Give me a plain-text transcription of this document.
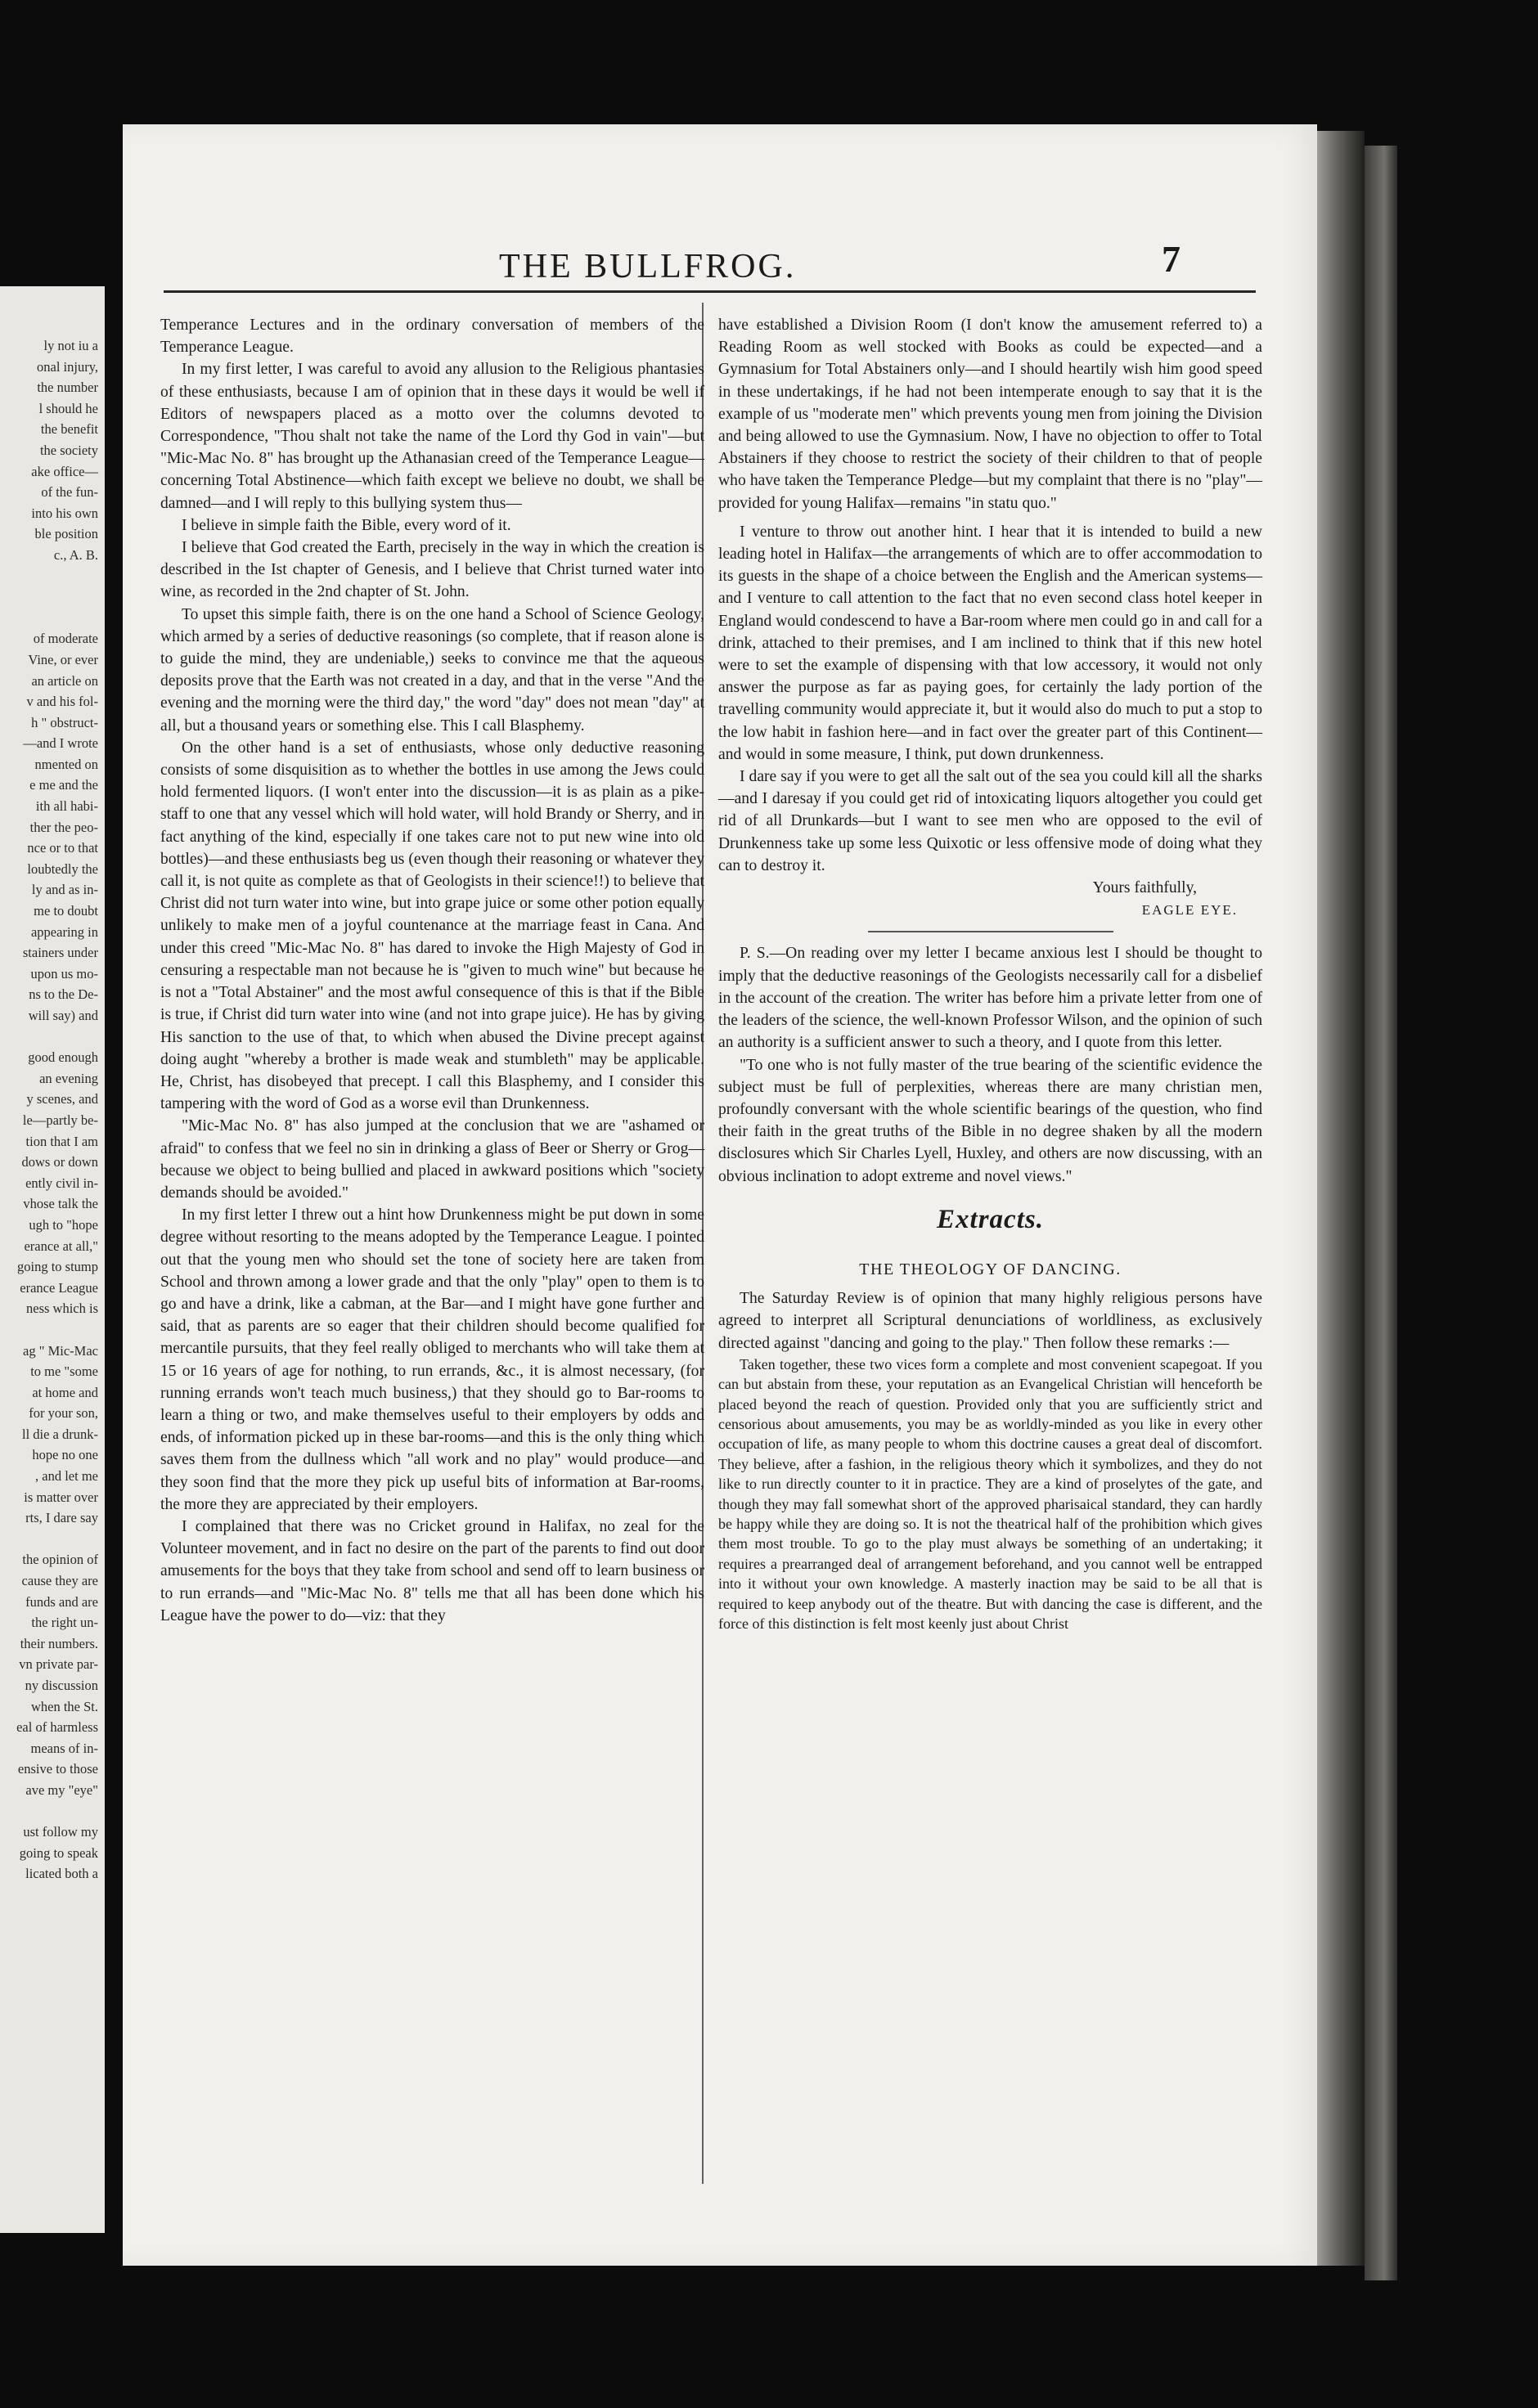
ly not iu a
onal injury,
the number
l should he
the benefit
the society
ake office—
of the fun-
into his own
ble position
c., A. B.

of moderate
Vine, or ever
an article on
v and his fol-
h " obstruct-
—and I wrote
nmented on
e me and the
ith all habi-
ther the peo-
nce or to that
loubtedly the
ly and as in-
me to doubt
appearing in
stainers under
upon us mo-
ns to the De-
will say) and

good enough
an evening
y scenes, and
le—partly be-
tion that I am
dows or down
ently civil in-
vhose talk the
ugh to "hope
erance at all,"
going to stump
erance League
ness which is

ag " Mic-Mac
to me "some
at home and
for your son,
ll die a drunk-
hope no one
, and let me
is matter over
rts, I dare say

the opinion of
cause they are
funds and are
the right un-
their numbers.
vn private par-
ny discussion
when the St.
eal of harmless
means of in-
ensive to those
ave my "eye"

ust follow my
going to speak
licated both a
THE BULLFROG.	7

Temperance Lectures and in the ordinary conversation of members of the Temperance League.

In my first letter, I was careful to avoid any allusion to the Religious phantasies of these enthusiasts, because I am of opinion that in these days it would be well if Editors of newspapers placed as a motto over the columns devoted to Correspondence, "Thou shalt not take the name of the Lord thy God in vain"—but "Mic-Mac No. 8" has brought up the Athanasian creed of the Temperance League—concerning Total Abstinence—which faith except we believe no doubt, we shall be damned—and I will reply to this bullying system thus—

I believe in simple faith the Bible, every word of it.

I believe that God created the Earth, precisely in the way in which the creation is described in the Ist chapter of Genesis, and I believe that Christ turned water into wine, as recorded in the 2nd chapter of St. John.

To upset this simple faith, there is on the one hand a School of Science Geology, which armed by a series of deductive reasonings (so complete, that if reason alone is to guide the mind, they are undeniable,) seeks to convince me that the aqueous deposits prove that the Earth was not created in a day, and that in the verse "And the evening and the morning were the third day," the word "day" does not mean "day" at all, but a thousand years or something else. This I call Blasphemy.

On the other hand is a set of enthusiasts, whose only deductive reasoning consists of some disquisition as to whether the bottles in use among the Jews could hold fermented liquors. (I won't enter into the discussion—it is as plain as a pike-staff to one that any vessel which will hold water, will hold Brandy or Sherry, and in fact anything of the kind, especially if one takes care not to put new wine into old bottles)—and these enthusiasts beg us (even though their reasoning or whatever they call it, is not quite as complete as that of Geologists in their science!!) to believe that Christ did not turn water into wine, but into grape juice or some other potion equally unlikely to make men of a joyful countenance at the marriage feast in Cana. And under this creed "Mic-Mac No. 8" has dared to invoke the High Majesty of God in censuring a respectable man not because he is "given to much wine" but because he is not a "Total Abstainer" and the most awful consequence of this is that if the Bible is true, if Christ did turn water into wine (and not into grape juice). He has by giving His sanction to the use of that, to which when abused the Divine precept against doing aught "whereby a brother is made weak and stumbleth" may be applicable. He, Christ, has disobeyed that precept. I call this Blasphemy, and I consider this tampering with the word of God as a worse evil than Drunkenness.

"Mic-Mac No. 8" has also jumped at the conclusion that we are "ashamed or afraid" to confess that we feel no sin in drinking a glass of Beer or Sherry or Grog—because we object to being bullied and placed in awkward positions which "society demands should be avoided."

In my first letter I threw out a hint how Drunkenness might be put down in some degree without resorting to the means adopted by the Temperance League. I pointed out that the young men who should set the tone of society here are taken from School and thrown among a lower grade and that the only "play" open to them is to go and have a drink, like a cabman, at the Bar—and I might have gone further and said, that as parents are so eager that their children should become qualified for mercantile pursuits, that they feel really obliged to merchants who will take them at 15 or 16 years of age for nothing, to run errands, &c., it is almost necessary, (for running errands won't teach much business,) that they should go to Bar-rooms to learn a thing or two, and make themselves useful to their employers by odds and ends, of information picked up in these bar-rooms—and this is the only thing which saves them from the dullness which "all work and no play" would produce—and they soon find that the more they pick up useful bits of information at Bar-rooms, the more they are appreciated by their employers.

I complained that there was no Cricket ground in Halifax, no zeal for the Volunteer movement, and in fact no desire on the part of the parents to find out door amusements for the boys that they take from school and send off to learn business or to run errands—and "Mic-Mac No. 8" tells me that all has been done which his League have the power to do—viz: that they

have established a Division Room (I don't know the amusement referred to) a Reading Room as well stocked with Books as could be expected—and a Gymnasium for Total Abstainers only—and I should heartily wish him good speed in these undertakings, if he had not been intemperate enough to say that it is the example of us "moderate men" which prevents young men from joining the Division and being allowed to use the Gymnasium. Now, I have no objection to offer to Total Abstainers if they choose to restrict the society of their children to that of people who have taken the Temperance Pledge—but my complaint that there is no "play"—provided for young Halifax—remains "in statu quo."

I venture to throw out another hint. I hear that it is intended to build a new leading hotel in Halifax—the arrangements of which are to offer accommodation to its guests in the shape of a choice between the English and the American systems—and I venture to call attention to the fact that no even second class hotel keeper in England would condescend to have a Bar-room where men could go in and call for a drink, attached to their premises, and I am inclined to think that if this new hotel were to set the example of dispensing with that low accessory, it would not only answer the purpose as far as paying goes, for certainly the lady portion of the travelling community would appreciate it, but it would also do much to put a stop to the low habit in fashion here—and in fact over the greater part of this Continent—and would in some measure, I think, put down drunkenness.

I dare say if you were to get all the salt out of the sea you could kill all the sharks—and I daresay if you could get rid of intoxicating liquors altogether you could get rid of all Drunkards—but I want to see men who are opposed to the evil of Drunkenness take up some less Quixotic or less offensive mode of doing what they can to destroy it.

Yours faithfully,

EAGLE EYE.

P. S.—On reading over my letter I became anxious lest I should be thought to imply that the deductive reasonings of the Geologists necessarily call for a disbelief in the account of the creation. The writer has before him a private letter from one of the leaders of the science, the well-known Professor Wilson, and the opinion of such an authority is a sufficient answer to such a theory, and I quote from this letter.

"To one who is not fully master of the true bearing of the scientific evidence the subject must be full of perplexities, whereas there are many christian men, profoundly conversant with the whole scientific bearings of the question, who find their faith in the great truths of the Bible in no degree shaken by all the modern disclosures which Sir Charles Lyell, Huxley, and others are now discussing, with an obvious inclination to adopt extreme and novel views."

Extracts.
THE THEOLOGY OF DANCING.

The Saturday Review is of opinion that many highly religious persons have agreed to interpret all Scriptural denunciations of worldliness, as exclusively directed against "dancing and going to the play." Then follow these remarks :—

Taken together, these two vices form a complete and most convenient scapegoat. If you can but abstain from these, your reputation as an Evangelical Christian will henceforth be placed beyond the reach of question. Provided only that you are sufficiently strict and censorious about amusements, you may be as worldly-minded as you like in every other occupation of life, as many people to whom this doctrine causes a great deal of discomfort. They believe, after a fashion, in the religious theory which it symbolizes, and they do not like to run directly counter to it in practice. They are a kind of proselytes of the gate, and though they may fall somewhat short of the approved pharisaical standard, they can hardly be happy while they are doing so. It is not the theatrical half of the prohibition which gives them most trouble. To go to the play must always be something of an undertaking; it requires a prearranged deal of arrangement beforehand, and you cannot well be entrapped into it without your own knowledge. A masterly inaction may be said to be all that is required to keep anybody out of the theatre. But with dancing the case is different, and the force of this distinction is felt most keenly just about Christ
